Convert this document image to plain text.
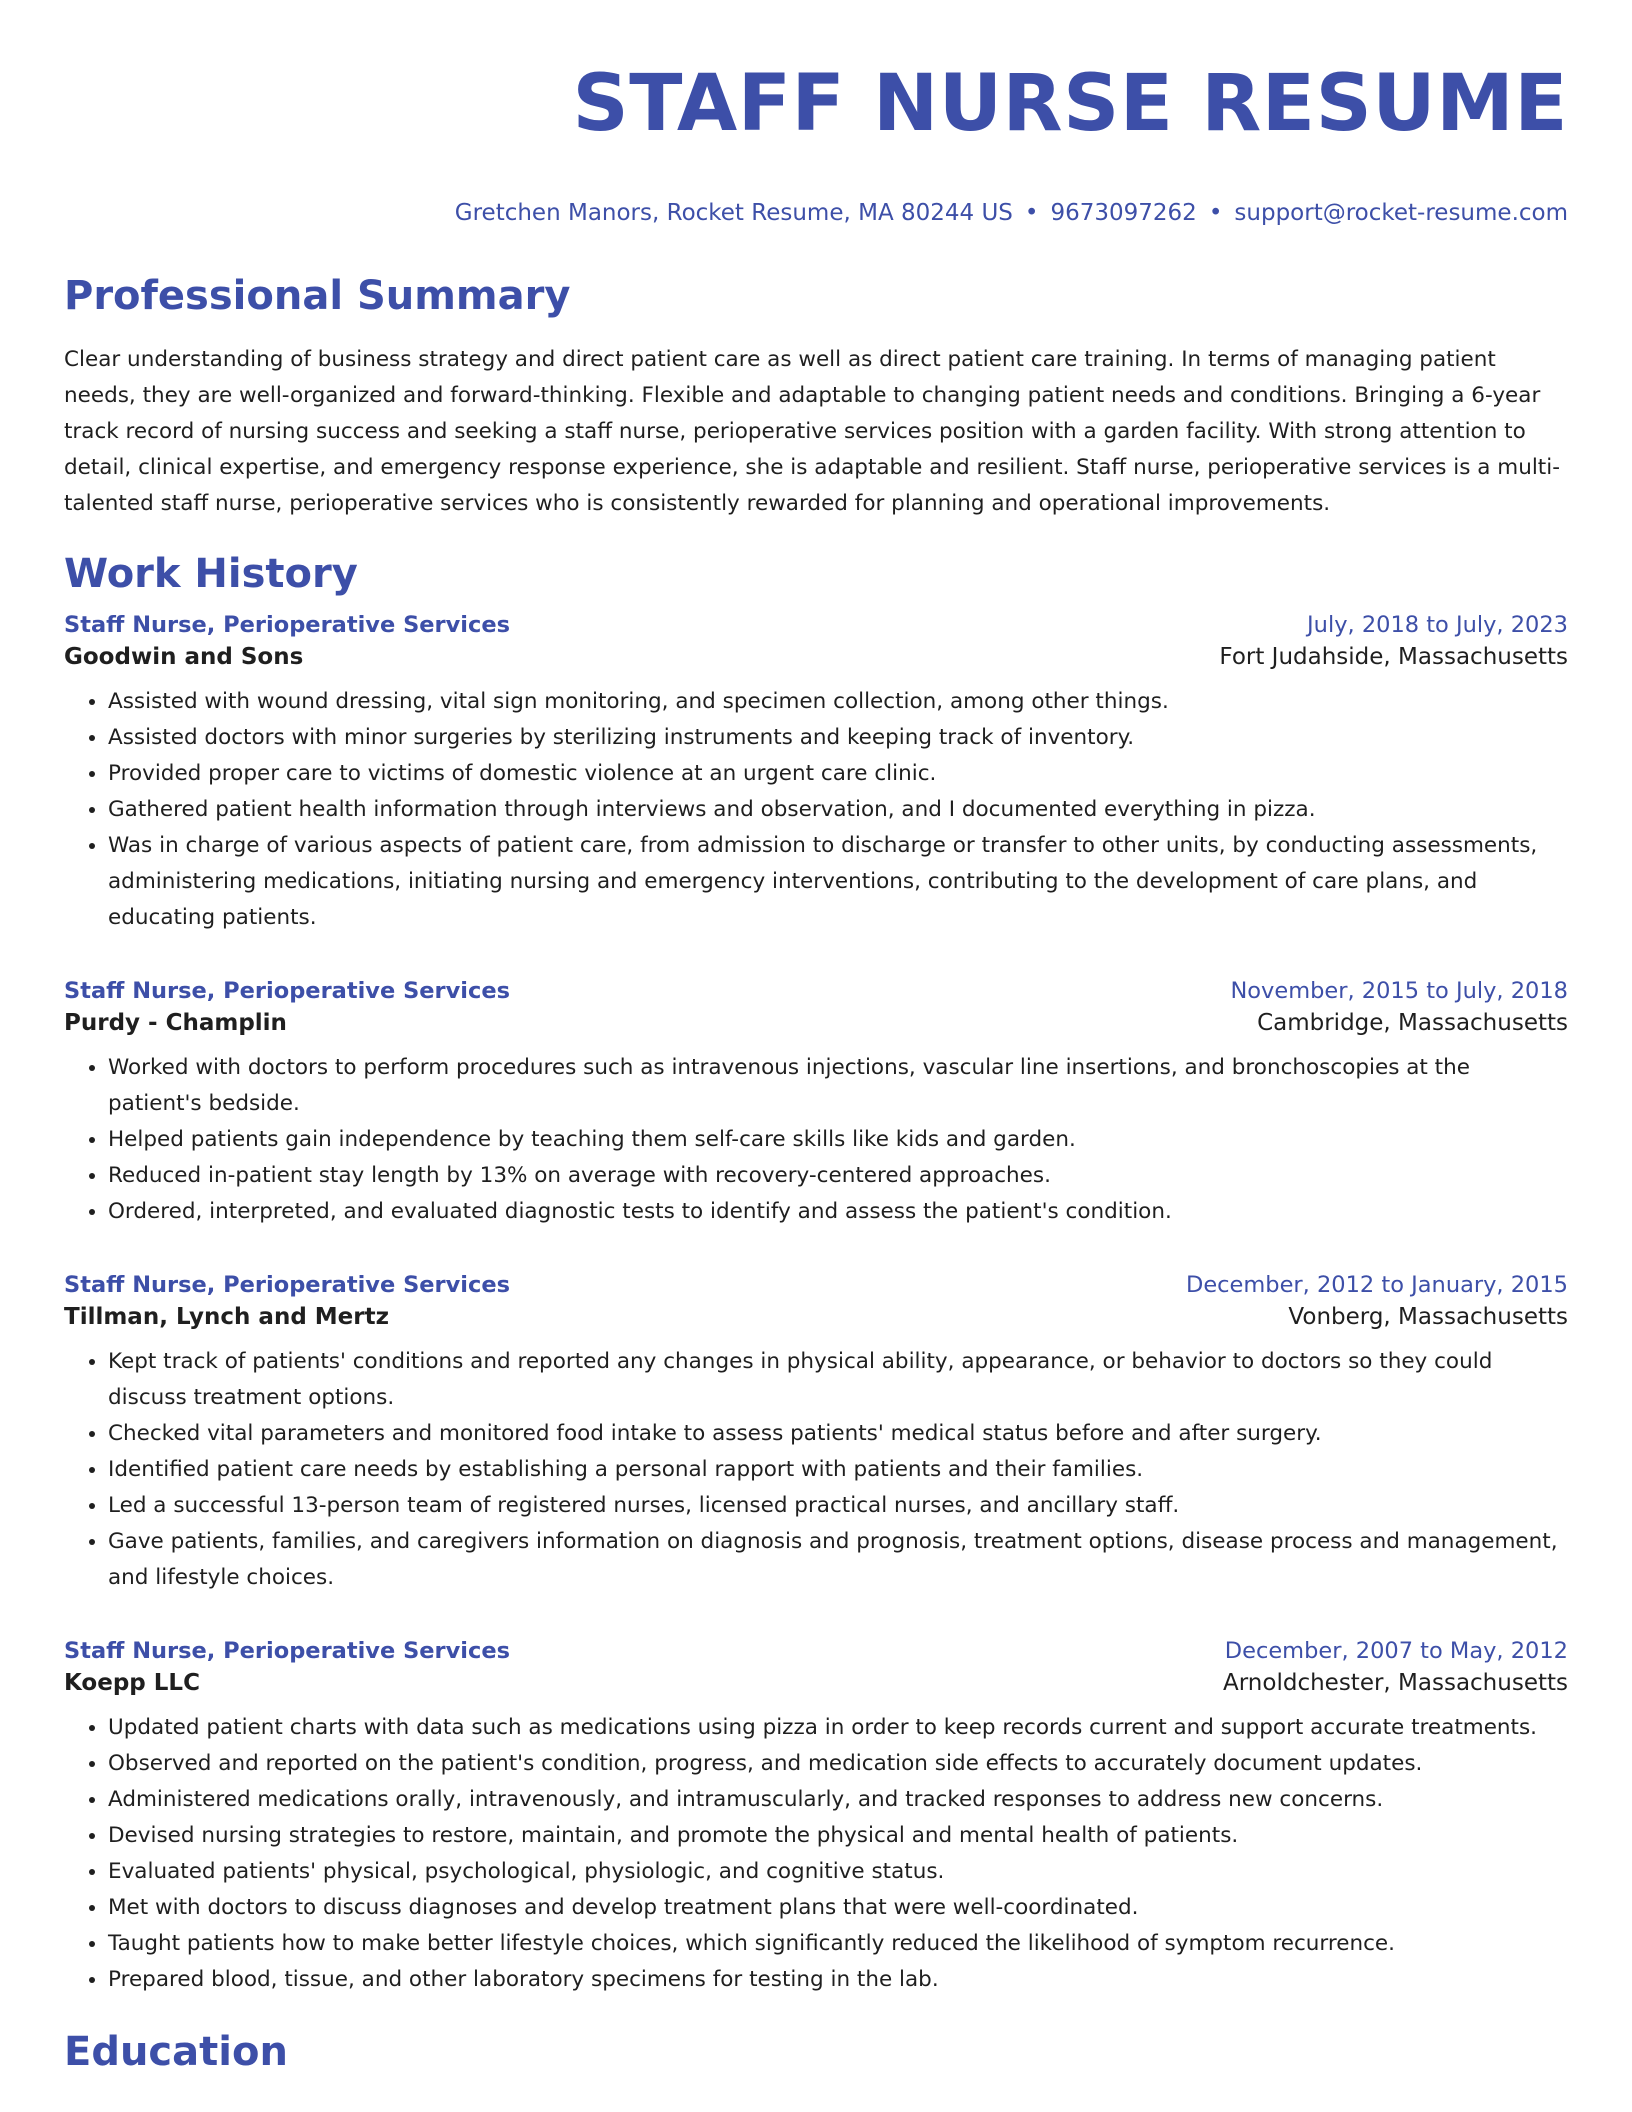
STAFF NURSE RESUME
Gretchen Manors, Rocket Resume, MA 80244 US • 9673097262 • support@rocket-resume.com
Professional Summary
Clear understanding of business strategy and direct patient care as well as direct patient care training. In terms of managing patient needs, they are well-organized and forward-thinking. Flexible and adaptable to changing patient needs and conditions. Bringing a 6-year track record of nursing success and seeking a staff nurse, perioperative services position with a garden facility. With strong attention to detail, clinical expertise, and emergency response experience, she is adaptable and resilient. Staff nurse, perioperative services is a multi-talented staff nurse, perioperative services who is consistently rewarded for planning and operational improvements.
Work History
Staff Nurse, Perioperative Services	July, 2018 to July, 2023
Goodwin and Sons	Fort Judahside, Massachusetts
• Assisted with wound dressing, vital sign monitoring, and specimen collection, among other things.
• Assisted doctors with minor surgeries by sterilizing instruments and keeping track of inventory.
• Provided proper care to victims of domestic violence at an urgent care clinic.
• Gathered patient health information through interviews and observation, and I documented everything in pizza.
• Was in charge of various aspects of patient care, from admission to discharge or transfer to other units, by conducting assessments, administering medications, initiating nursing and emergency interventions, contributing to the development of care plans, and educating patients.
Staff Nurse, Perioperative Services	November, 2015 to July, 2018
Purdy - Champlin	Cambridge, Massachusetts
• Worked with doctors to perform procedures such as intravenous injections, vascular line insertions, and bronchoscopies at the patient's bedside.
• Helped patients gain independence by teaching them self-care skills like kids and garden.
• Reduced in-patient stay length by 13% on average with recovery-centered approaches.
• Ordered, interpreted, and evaluated diagnostic tests to identify and assess the patient's condition.
Staff Nurse, Perioperative Services	December, 2012 to January, 2015
Tillman, Lynch and Mertz	Vonberg, Massachusetts
• Kept track of patients' conditions and reported any changes in physical ability, appearance, or behavior to doctors so they could discuss treatment options.
• Checked vital parameters and monitored food intake to assess patients' medical status before and after surgery.
• Identified patient care needs by establishing a personal rapport with patients and their families.
• Led a successful 13-person team of registered nurses, licensed practical nurses, and ancillary staff.
• Gave patients, families, and caregivers information on diagnosis and prognosis, treatment options, disease process and management, and lifestyle choices.
Staff Nurse, Perioperative Services	December, 2007 to May, 2012
Koepp LLC	Arnoldchester, Massachusetts
• Updated patient charts with data such as medications using pizza in order to keep records current and support accurate treatments.
• Observed and reported on the patient's condition, progress, and medication side effects to accurately document updates.
• Administered medications orally, intravenously, and intramuscularly, and tracked responses to address new concerns.
• Devised nursing strategies to restore, maintain, and promote the physical and mental health of patients.
• Evaluated patients' physical, psychological, physiologic, and cognitive status.
• Met with doctors to discuss diagnoses and develop treatment plans that were well-coordinated.
• Taught patients how to make better lifestyle choices, which significantly reduced the likelihood of symptom recurrence.
• Prepared blood, tissue, and other laboratory specimens for testing in the lab.
Education
